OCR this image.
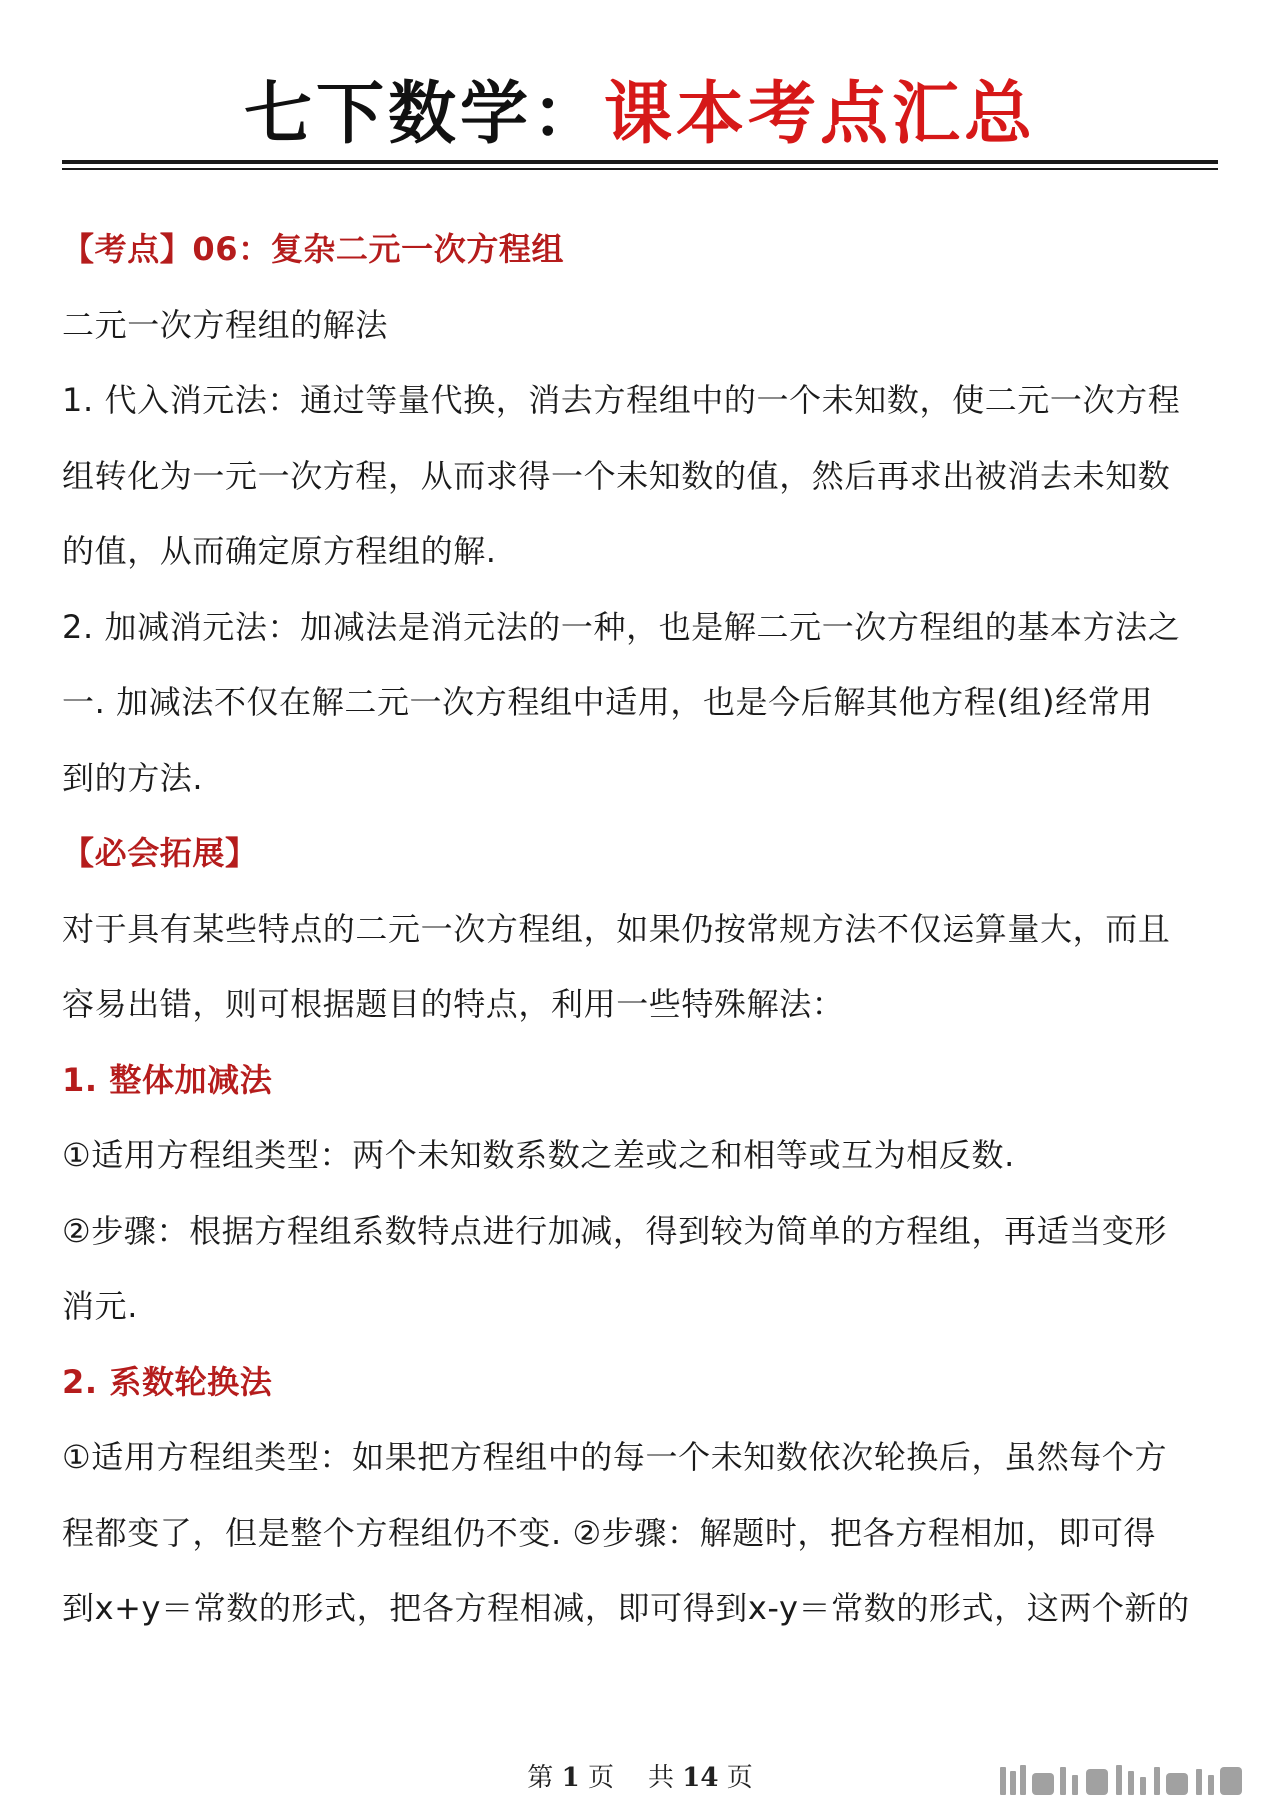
七下数学：课本考点汇总
【考点】06：复杂二元一次方程组
二元一次方程组的解法
1. 代入消元法：通过等量代换，消去方程组中的一个未知数，使二元一次方程
组转化为一元一次方程，从而求得一个未知数的值，然后再求出被消去未知数
的值，从而确定原方程组的解.
2. 加减消元法：加减法是消元法的一种，也是解二元一次方程组的基本方法之
一. 加减法不仅在解二元一次方程组中适用，也是今后解其他方程(组)经常用
到的方法.
【必会拓展】
对于具有某些特点的二元一次方程组，如果仍按常规方法不仅运算量大，而且
容易出错，则可根据题目的特点，利用一些特殊解法：
1. 整体加减法
①适用方程组类型：两个未知数系数之差或之和相等或互为相反数.
②步骤：根据方程组系数特点进行加减，得到较为简单的方程组，再适当变形
消元.
2. 系数轮换法
①适用方程组类型：如果把方程组中的每一个未知数依次轮换后，虽然每个方
程都变了，但是整个方程组仍不变. ②步骤：解题时，把各方程相加，即可得
到x+y＝常数的形式，把各方程相减，即可得到x-y＝常数的形式，这两个新的
第 1 页 共 14 页
